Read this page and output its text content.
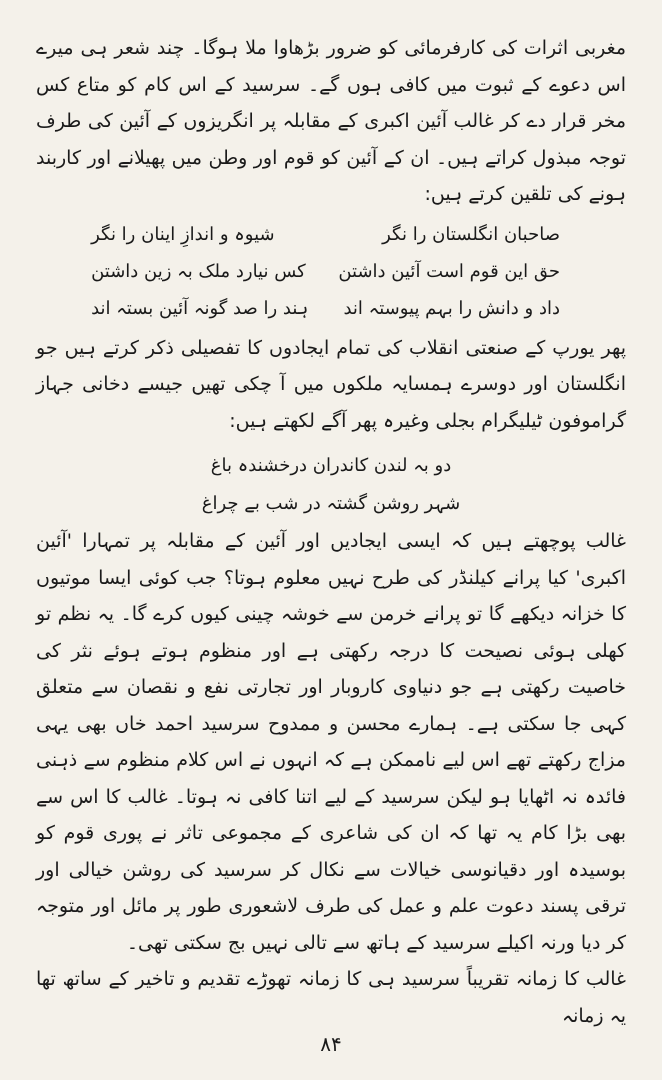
مغربی اثرات کی کارفرمائی کو ضرور بڑھاوا ملا ہوگا۔ چند شعر ہی میرے اس دعوے کے ثبوت میں کافی ہوں گے۔ سرسید کے اس کام کو متاع کس مخر قرار دے کر غالب آئین اکبری کے مقابلہ پر انگریزوں کے آئین کی طرف توجہ مبذول کراتے ہیں۔ ان کے آئین کو قوم اور وطن میں پھیلانے اور کاربند ہونے کی تلقین کرتے ہیں:

صاحبان انگلستان را نگر
شیوہ و اندازِ اینان را نگر
حق این قوم است آئین داشتن
کس نیارد ملک بہ زین داشتن
داد و دانش را بہم پیوستہ اند
ہند را صد گونہ آئین بستہ اند

پھر یورپ کے صنعتی انقلاب کی تمام ایجادوں کا تفصیلی ذکر کرتے ہیں جو انگلستان اور دوسرے ہمسایہ ملکوں میں آ چکی تھیں جیسے دخانی جہاز گراموفون ٹیلیگرام بجلی وغیرہ پھر آگے لکھتے ہیں:

دو بہ لندن کاندران درخشندہ باغ
شہر روشن گشتہ در شب بے چراغ

غالب پوچھتے ہیں کہ ایسی ایجادیں اور آئین کے مقابلہ پر تمہارا 'آئین اکبری' کیا پرانے کیلنڈر کی طرح نہیں معلوم ہوتا؟ جب کوئی ایسا موتیوں کا خزانہ دیکھے گا تو پرانے خرمن سے خوشہ چینی کیوں کرے گا۔ یہ نظم تو کھلی ہوئی نصیحت کا درجہ رکھتی ہے اور منظوم ہوتے ہوئے نثر کی خاصیت رکھتی ہے جو دنیاوی کاروبار اور تجارتی نفع و نقصان سے متعلق کہی جا سکتی ہے۔ ہمارے محسن و ممدوح سرسید احمد خاں بھی یہی مزاج رکھتے تھے اس لیے ناممکن ہے کہ انہوں نے اس کلام منظوم سے ذہنی فائدہ نہ اٹھایا ہو لیکن سرسید کے لیے اتنا کافی نہ ہوتا۔ غالب کا اس سے بھی بڑا کام یہ تھا کہ ان کی شاعری کے مجموعی تاثر نے پوری قوم کو بوسیدہ اور دقیانوسی خیالات سے نکال کر سرسید کی روشن خیالی اور ترقی پسند دعوت علم و عمل کی طرف لاشعوری طور پر مائل اور متوجہ کر دیا ورنہ اکیلے سرسید کے ہاتھ سے تالی نہیں بج سکتی تھی۔

غالب کا زمانہ تقریباً سرسید ہی کا زمانہ تھوڑے تقدیم و تاخیر کے ساتھ تھا یہ زمانہ

۸۴
